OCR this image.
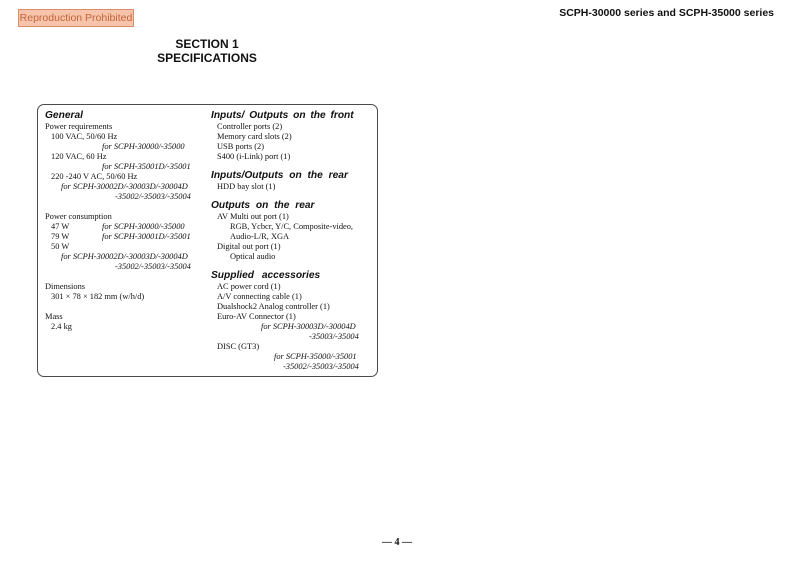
Reproduction Prohibited	SCPH-30000 series and SCPH-35000 series
SECTION 1
SPECIFICATIONS
General
Power requirements
100 VAC, 50/60 Hz
for SCPH-30000/-35000
120 VAC, 60 Hz
for SCPH-35001D/-35001
220 -240 V AC, 50/60 Hz
for SCPH-30002D/-30003D/-30004D
-35002/-35003/-35004
Power consumption
47 W	for SCPH-30000/-35000
79 W	for SCPH-30001D/-35001
50 W
for SCPH-30002D/-30003D/-30004D
-35002/-35003/-35004
Dimensions
301 × 78 × 182 mm (w/h/d)
Mass
2.4 kg
Inputs/ Outputs on the front
Controller ports (2)
Memory card slots (2)
USB ports (2)
S400 (i-Link) port (1)
Inputs/Outputs on the rear
HDD bay slot (1)
Outputs on the rear
AV Multi out port (1)
RGB, Ycbcr, Y/C, Composite-video,
Audio-L/R, XGA
Digital out port (1)
Optical audio
Supplied accessories
AC power cord (1)
A/V connecting cable (1)
Dualshock2 Analog controller (1)
Euro-AV Connector (1)
for SCPH-30003D/-30004D
-35003/-35004
DISC (GT3)
for SCPH-35000/-35001
-35002/-35003/-35004
— 4 —
